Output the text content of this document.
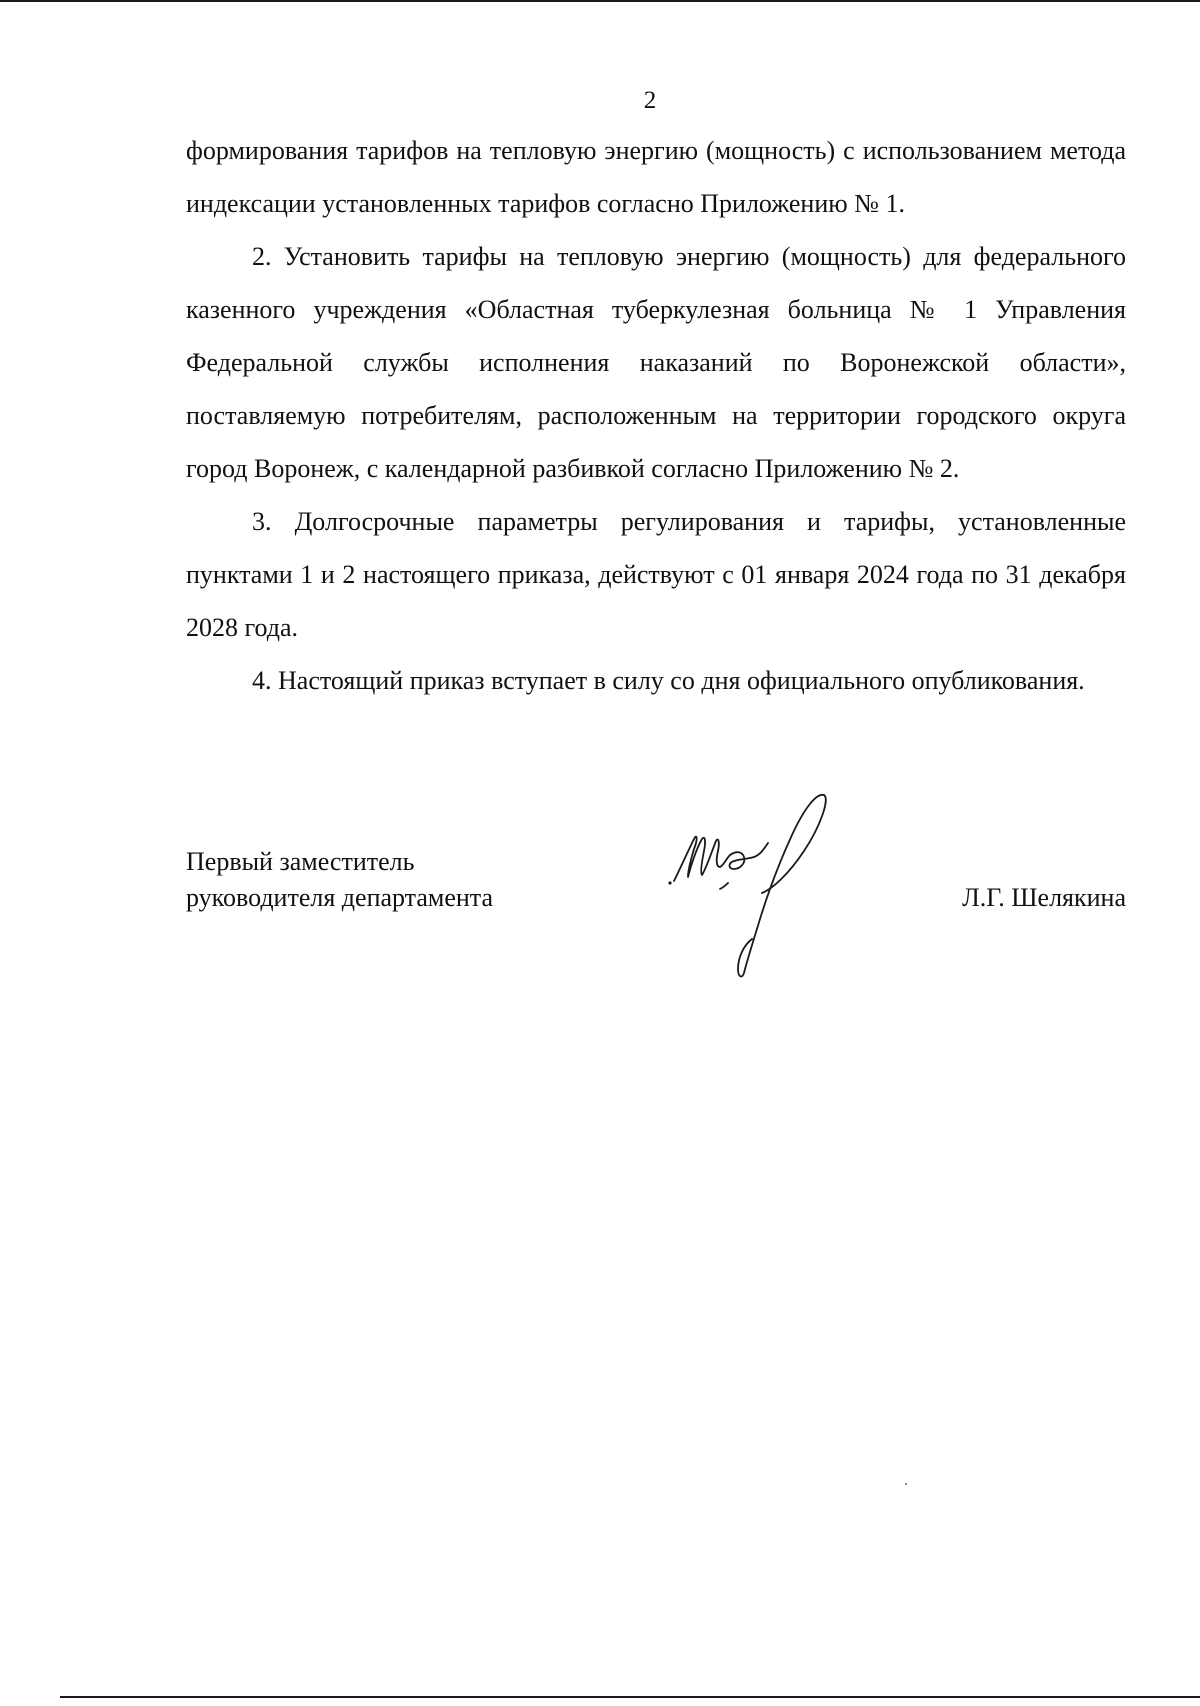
2

формирования тарифов на тепловую энергию (мощность) с использованием метода индексации установленных тарифов согласно Приложению № 1.

2. Установить тарифы на тепловую энергию (мощность) для федерального казенного учреждения «Областная туберкулезная больница № 1 Управления Федеральной службы исполнения наказаний по Воронежской области», поставляемую потребителям, расположенным на территории городского округа город Воронеж, с календарной разбивкой согласно Приложению № 2.

3. Долгосрочные параметры регулирования и тарифы, установленные пунктами 1 и 2 настоящего приказа, действуют с 01 января 2024 года по 31 декабря 2028 года.

4. Настоящий приказ вступает в силу со дня официального опубликования.

Первый заместитель
руководителя департамента	Л.Г. Шелякина
